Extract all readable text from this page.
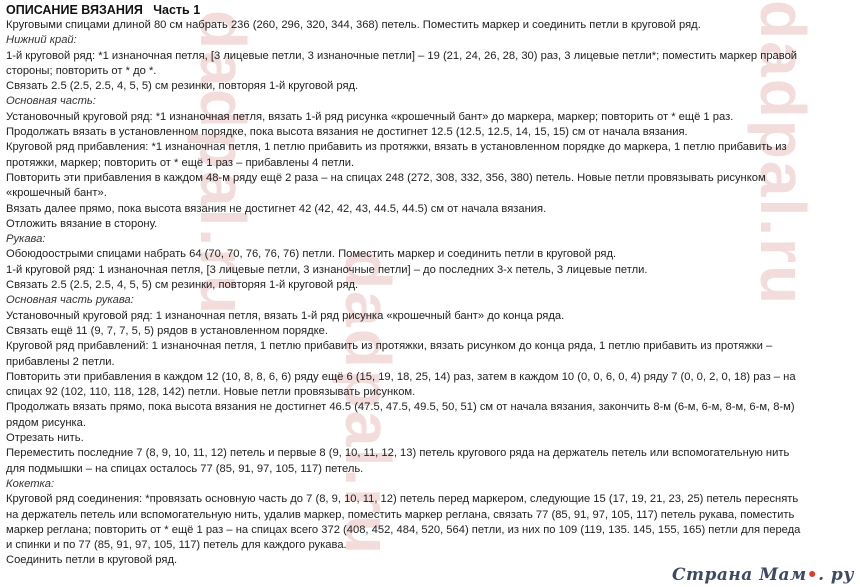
dadpal.ru
dadpal.ru
dadpal.ru
ОПИСАНИЕ ВЯЗАНИЯ Часть 1
Круговыми спицами длиной 80 см набрать 236 (260, 296, 320, 344, 368) петель. Поместить маркер и соединить петли в круговой ряд.
Нижний край:
1-й круговой ряд: *1 изнаночная петля, [3 лицевые петли, 3 изнаночные петли] – 19 (21, 24, 26, 28, 30) раз, 3 лицевые петли*; поместить маркер правой
стороны; повторить от * до *.
Связать 2.5 (2.5, 2.5, 4, 5, 5) см резинки, повторяя 1-й круговой ряд.
Основная часть:
Установочный круговой ряд: *1 изнаночная петля, вязать 1-й ряд рисунка «крошечный бант» до маркера, маркер; повторить от * ещё 1 раз.
Продолжать вязать в установленном порядке, пока высота вязания не достигнет 12.5 (12.5, 12.5, 14, 15, 15) см от начала вязания.
Круговой ряд прибавления: *1 изнаночная петля, 1 петлю прибавить из протяжки, вязать в установленном порядке до маркера, 1 петлю прибавить из
протяжки, маркер; повторить от * ещё 1 раз – прибавлены 4 петли.
Повторить эти прибавления в каждом 48-м ряду ещё 2 раза – на спицах 248 (272, 308, 332, 356, 380) петель. Новые петли провязывать рисунком
«крошечный бант».
Вязать далее прямо, пока высота вязания не достигнет 42 (42, 42, 43, 44.5, 44.5) см от начала вязания.
Отложить вязание в сторону.
Рукава:
Обоюдоострыми спицами набрать 64 (70, 70, 76, 76, 76) петли. Поместить маркер и соединить петли в круговой ряд.
1-й круговой ряд: 1 изнаночная петля, [3 лицевые петли, 3 изнаночные петли] – до последних 3-х петель, 3 лицевые петли.
Связать 2.5 (2.5, 2.5, 4, 5, 5) см резинки, повторяя 1-й круговой ряд.
Основная часть рукава:
Установочный круговой ряд: 1 изнаночная петля, вязать 1-й ряд рисунка «крошечный бант» до конца ряда.
Связать ещё 11 (9, 7, 7, 5, 5) рядов в установленном порядке.
Круговой ряд прибавлений: 1 изнаночная петля, 1 петлю прибавить из протяжки, вязать рисунком до конца ряда, 1 петлю прибавить из протяжки –
прибавлены 2 петли.
Повторить эти прибавления в каждом 12 (10, 8, 8, 6, 6) ряду ещё 6 (15, 19, 18, 25, 14) раз, затем в каждом 10 (0, 0, 6, 0, 4) ряду 7 (0, 0, 2, 0, 18) раз – на
спицах 92 (102, 110, 118, 128, 142) петли. Новые петли провязывать рисунком.
Продолжать вязать прямо, пока высота вязания не достигнет 46.5 (47.5, 47.5, 49.5, 50, 51) см от начала вязания, закончить 8-м (6-м, 6-м, 8-м, 6-м, 8-м)
рядом рисунка.
Отрезать нить.
Переместить последние 7 (8, 9, 10, 11, 12) петель и первые 8 (9, 10, 11, 12, 13) петель кругового ряда на держатель петель или вспомогательную нить
для подмышки – на спицах осталось 77 (85, 91, 97, 105, 117) петель.
Кокетка:
Круговой ряд соединения: *провязать основную часть до 7 (8, 9, 10, 11, 12) петель перед маркером, следующие 15 (17, 19, 21, 23, 25) петель переснять
на держатель петель или вспомогательную нить, удалив маркер, поместить маркер реглана, связать 77 (85, 91, 97, 105, 117) петель рукава, поместить
маркер реглана; повторить от * ещё 1 раз – на спицах всего 372 (408, 452, 484, 520, 564) петли, из них по 109 (119, 135. 145, 155, 165) петли для переда
и спинки и по 77 (85, 91, 97, 105, 117) петель для каждого рукава.
Соединить петли в круговой ряд.
Страна Мам•. ру
